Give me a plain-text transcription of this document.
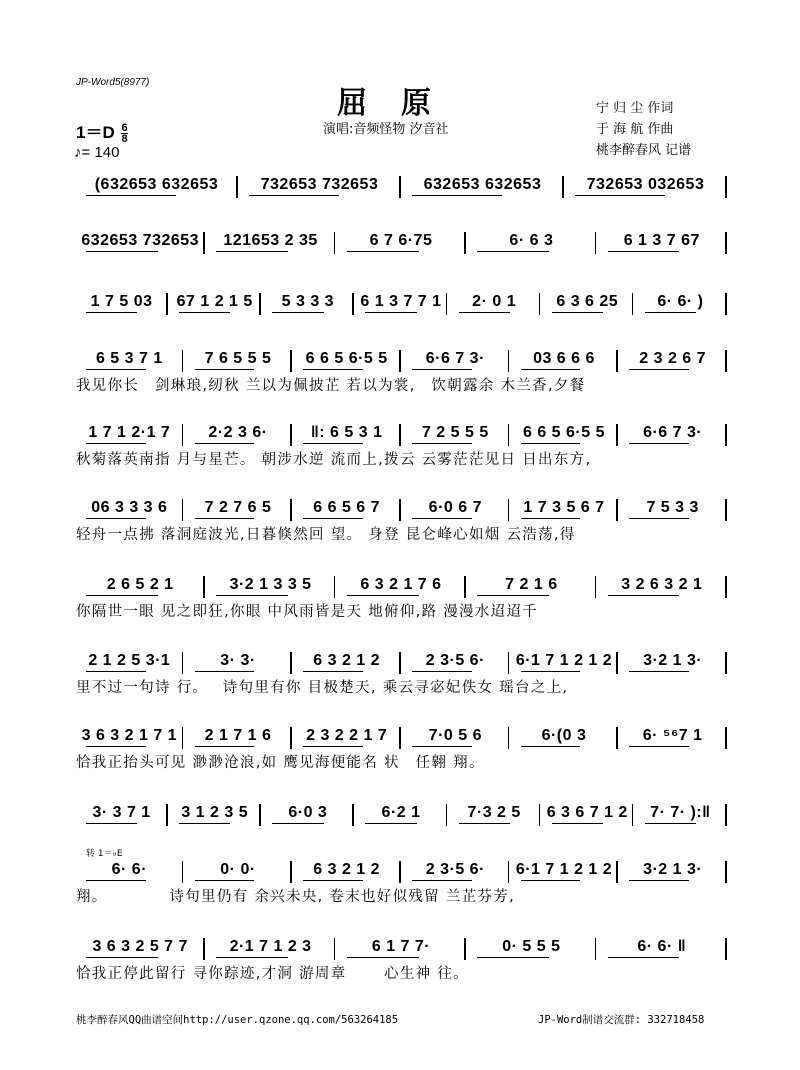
JP-Word5(8977)
屈原
演唱:音频怪物 汐音社
宁 归 尘 作词
于 海 航 作曲
桃李醉春风 记谱
$1=D \frac{6}{8}$
♪= 140
(632653 632653	732653 732653	632653 632653	732653 032653
632653 732653	121653 2 35	6 7 6·75	6· 6 3	6 1 3 7 67
1 7 5 03	67 1 2 1 5	5 3 3 3	6 1 3 7 7 1	2· 0 1	6 3 6 25	6· 6· )
6 5 3 7 1	7 6 5 5 5	6 6 5 6·5 5	6·6 7 3·	03 6 6 6	2 3 2 6 7
我见你长　剑琳琅,纫秋 兰以为佩披芷 若以为裳,　饮朝露余 木兰香,夕餐
1 7 1 2·1 7	2·2 3 6·	‖: 6 5 3 1	7 2 5 5 5	6 6 5 6·5 5	6·6 7 3·
秋菊落英南指 月与星芒。 朝涉水逆 流而上,拨云 云雾茫茫见日 日出东方,
06 3 3 3 6	7 2 7 6 5	6 6 5 6 7	6·0 6 7	1 7 3 5 6 7	7 5 3 3
轻舟一点拂 落洞庭波光,日暮倏然回 望。 身登 昆仑峰心如烟 云浩荡,得
2 6 5 2 1	3·2 1 3 3 5	6 3 2 1 7 6	7 2 1 6	3 2 6 3 2 1
你隔世一眼 见之即狂,你眼 中风雨皆是天 地俯仰,路 漫漫水迢迢千
2 1 2 5 3·1	3· 3·	6 3 2 1 2	2 3·5 6·	6·1 7 1 2 1 2	3·2 1 3·
里不过一句诗 行。　 诗句里有你 目极楚天, 乘云寻宓妃佚女 瑶台之上,
3 6 3 2 1 7 1	2 1 7 1 6	2 3 2 2 1 7	7·0 5 6	6·(0 3	6· ⁵⁶7 1
恰我正抬头可见 渺渺沧浪,如 鹰见海便能名 状　任翱 翔。
3· 3 7 1	3 1 2 3 5	6·0 3	6·2 1	7·3 2 5	6 3 6 7 1 2	7· 7· ):‖
6· 6·	0· 0·	6 3 2 1 2	2 3·5 6·	6·1 7 1 2 1 2	3·2 1 3·
翔。　　　　 诗句里仍有 余兴未央, 卷末也好似残留 兰芷芬芳,
3 6 3 2 5 7 7	2·1 7 1 2 3	6 1 7 7·	0· 5 5 5	6· 6· ‖
恰我正停此留行 寻你踪迹,才洞 游周章　　 心生神 往。
转 1＝♭E
桃李醉春风QQ曲谱空间http://user.qzone.qq.com/563264185	JP-Word制谱交流群: 332718458
